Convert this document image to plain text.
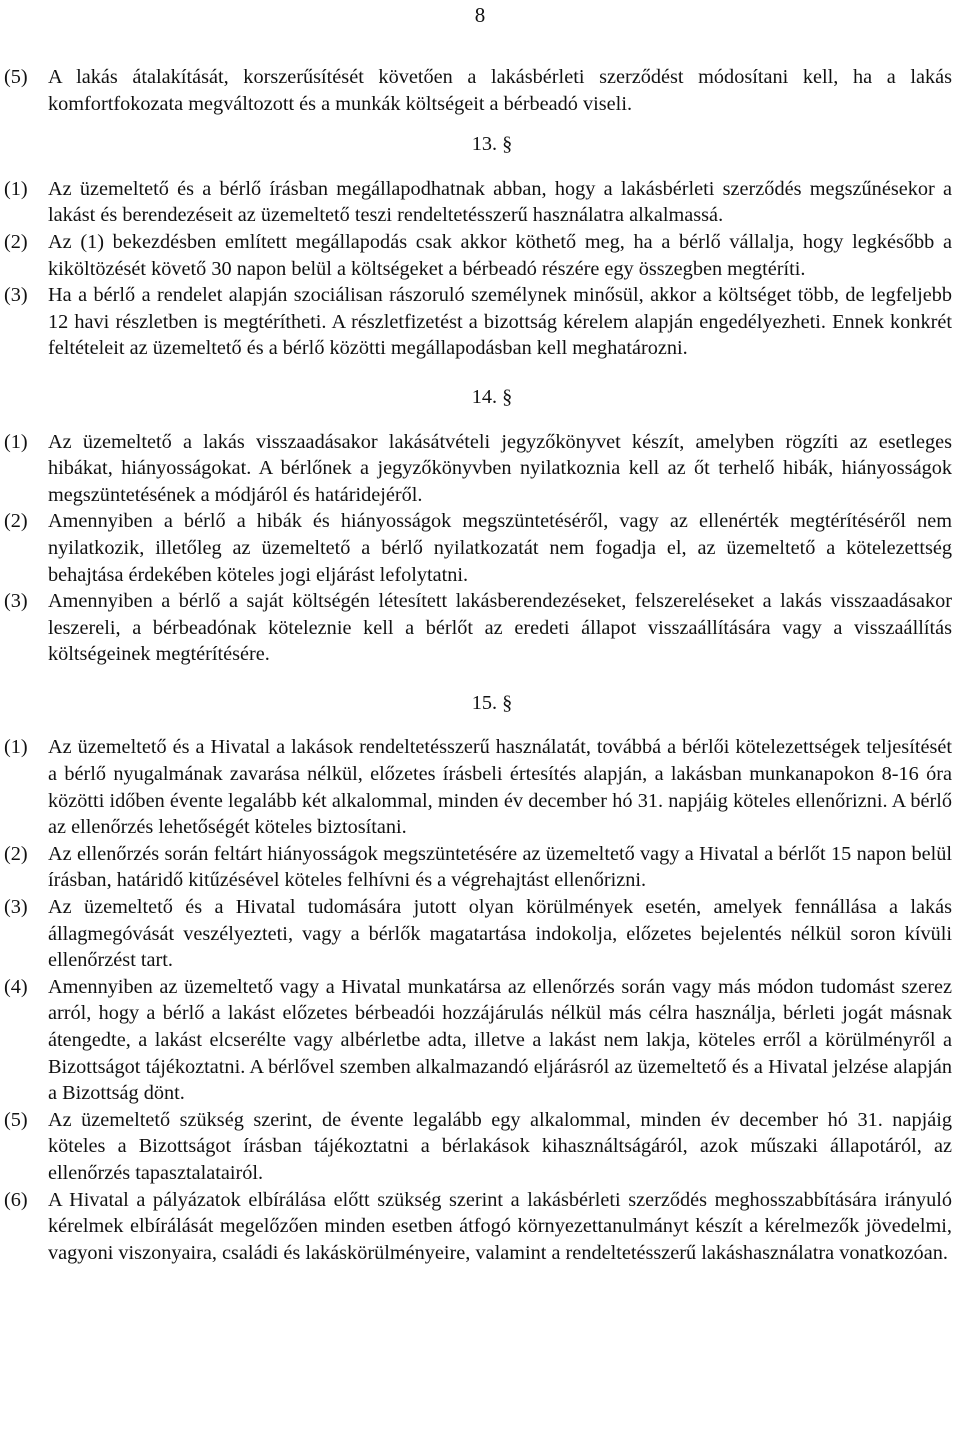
8
(5)	A lakás átalakítását, korszerűsítését követően a lakásbérleti szerződést módosítani kell, ha a lakás komfortfokozata megváltozott és a munkák költségeit a bérbeadó viseli.
13. §
(1)	Az üzemeltető és a bérlő írásban megállapodhatnak abban, hogy a lakásbérleti szerződés megszűnésekor a lakást és berendezéseit az üzemeltető teszi rendeltetésszerű használatra alkalmassá.
(2)	Az (1) bekezdésben említett megállapodás csak akkor köthető meg, ha a bérlő vállalja, hogy legkésőbb a kiköltözését követő 30 napon belül a költségeket a bérbeadó részére egy összegben megtéríti.
(3)	Ha a bérlő a rendelet alapján szociálisan rászoruló személynek minősül, akkor a költséget több, de legfeljebb 12 havi részletben is megtérítheti. A részletfizetést a bizottság kérelem alapján engedélyezheti. Ennek konkrét feltételeit az üzemeltető és a bérlő közötti megállapodásban kell meghatározni.
14. §
(1)	Az üzemeltető a lakás visszaadásakor lakásátvételi jegyzőkönyvet készít, amelyben rögzíti az esetleges hibákat, hiányosságokat. A bérlőnek a jegyzőkönyvben nyilatkoznia kell az őt terhelő hibák, hiányosságok megszüntetésének a módjáról és határidejéről.
(2)	Amennyiben a bérlő a hibák és hiányosságok megszüntetéséről, vagy az ellenérték megtérítéséről nem nyilatkozik, illetőleg az üzemeltető a bérlő nyilatkozatát nem fogadja el, az üzemeltető a kötelezettség behajtása érdekében köteles jogi eljárást lefolytatni.
(3)	Amennyiben a bérlő a saját költségén létesített lakásberendezéseket, felszereléseket a lakás visszaadásakor leszereli, a bérbeadónak köteleznie kell a bérlőt az eredeti állapot visszaállítására vagy a visszaállítás költségeinek megtérítésére.
15. §
(1)	Az üzemeltető és a Hivatal a lakások rendeltetésszerű használatát, továbbá a bérlői kötelezettségek teljesítését a bérlő nyugalmának zavarása nélkül, előzetes írásbeli értesítés alapján, a lakásban munkanapokon 8-16 óra közötti időben évente legalább két alkalommal, minden év december hó 31. napjáig köteles ellenőrizni. A bérlő az ellenőrzés lehetőségét köteles biztosítani.
(2)	Az ellenőrzés során feltárt hiányosságok megszüntetésére az üzemeltető vagy a Hivatal a bérlőt 15 napon belül írásban, határidő kitűzésével köteles felhívni és a végrehajtást ellenőrizni.
(3)	Az üzemeltető és a Hivatal tudomására jutott olyan körülmények esetén, amelyek fennállása a lakás állagmegóvását veszélyezteti, vagy a bérlők magatartása indokolja, előzetes bejelentés nélkül soron kívüli ellenőrzést tart.
(4)	Amennyiben az üzemeltető vagy a Hivatal munkatársa az ellenőrzés során vagy más módon tudomást szerez arról, hogy a bérlő a lakást előzetes bérbeadói hozzájárulás nélkül más célra használja, bérleti jogát másnak átengedte, a lakást elcserélte vagy albérletbe adta, illetve a lakást nem lakja, köteles erről a körülményről a Bizottságot tájékoztatni. A bérlővel szemben alkalmazandó eljárásról az üzemeltető és a Hivatal jelzése alapján a Bizottság dönt.
(5)	Az üzemeltető szükség szerint, de évente legalább egy alkalommal, minden év december hó 31. napjáig köteles a Bizottságot írásban tájékoztatni a bérlakások kihasználtságáról, azok műszaki állapotáról, az ellenőrzés tapasztalatairól.
(6)	A Hivatal a pályázatok elbírálása előtt szükség szerint a lakásbérleti szerződés meghosszabbítására irányuló kérelmek elbírálását megelőzően minden esetben átfogó környezettanulmányt készít a kérelmezők jövedelmi, vagyoni viszonyaira, családi és lakáskörülményeire, valamint a rendeltetésszerű lakáshasználatra vonatkozóan.
